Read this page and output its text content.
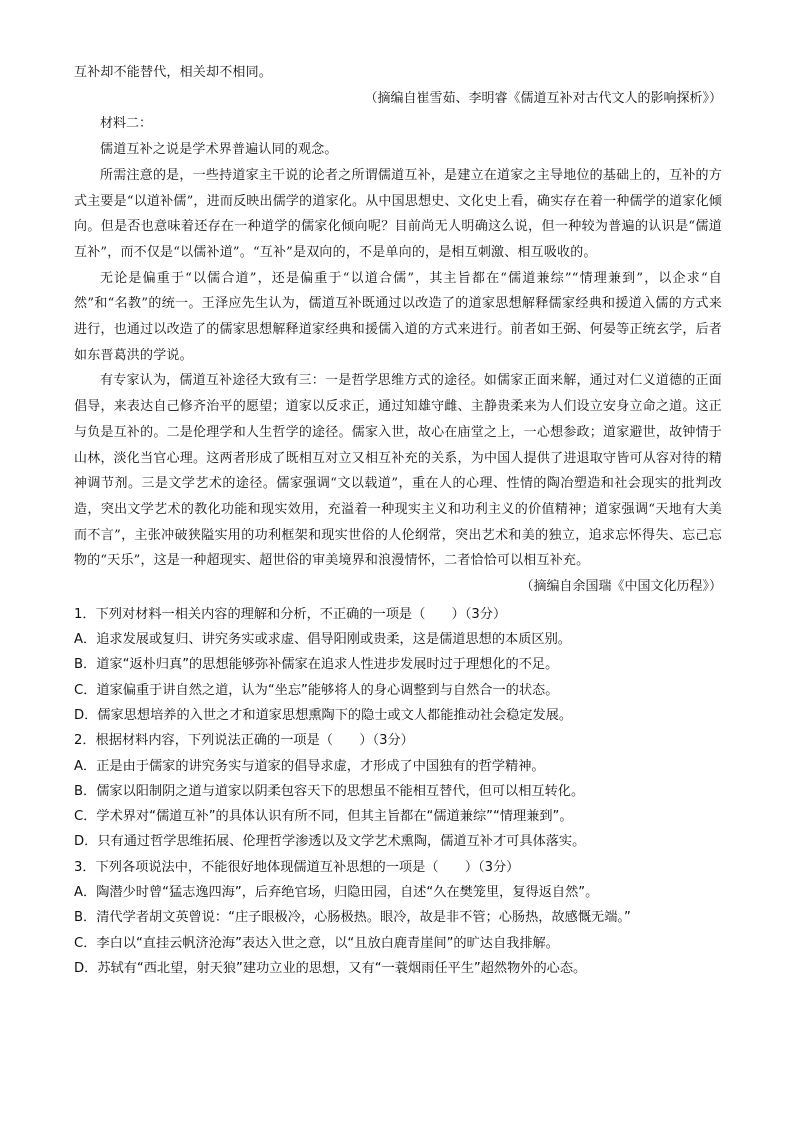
互补却不能替代，相关却不相同。

（摘编自崔雪茹、李明睿《儒道互补对古代文人的影响探析》）

材料二：

儒道互补之说是学术界普遍认同的观念。

所需注意的是，一些持道家主干说的论者之所谓儒道互补，是建立在道家之主导地位的基础上的，互补的方式主要是“以道补儒”，进而反映出儒学的道家化。从中国思想史、文化史上看，确实存在着一种儒学的道家化倾向。但是否也意味着还存在一种道学的儒家化倾向呢？目前尚无人明确这么说，但一种较为普遍的认识是“儒道互补”，而不仅是“以儒补道”。“互补”是双向的，不是单向的，是相互刺激、相互吸收的。

无论是偏重于“以儒合道”，还是偏重于“以道合儒”，其主旨都在“儒道兼综”“情理兼到”，以企求“自然”和“名教”的统一。王泽应先生认为，儒道互补既通过以改造了的道家思想解释儒家经典和援道入儒的方式来进行，也通过以改造了的儒家思想解释道家经典和援儒入道的方式来进行。前者如王弼、何晏等正统玄学，后者如东晋葛洪的学说。

有专家认为，儒道互补途径大致有三：一是哲学思维方式的途径。如儒家正面来解，通过对仁义道德的正面倡导，来表达自己修齐治平的愿望；道家以反求正，通过知雄守雌、主静贵柔来为人们设立安身立命之道。这正与负是互补的。二是伦理学和人生哲学的途径。儒家入世，故心在庙堂之上，一心想参政；道家避世，故钟情于山林，淡化当官心理。这两者形成了既相互对立又相互补充的关系，为中国人提供了进退取守皆可从容对待的精神调节剂。三是文学艺术的途径。儒家强调“文以载道”，重在人的心理、性情的陶冶塑造和社会现实的批判改造，突出文学艺术的教化功能和现实效用，充溢着一种现实主义和功利主义的价值精神；道家强调“天地有大美而不言”，主张冲破狭隘实用的功利框架和现实世俗的人伦纲常，突出艺术和美的独立，追求忘怀得失、忘己忘物的“天乐”，这是一种超现实、超世俗的审美境界和浪漫情怀，二者恰恰可以相互补充。

（摘编自余国瑞《中国文化历程》）

1．下列对材料一相关内容的理解和分析，不正确的一项是（　　）（3分）

A．追求发展或复归、讲究务实或求虚、倡导阳刚或贵柔，这是儒道思想的本质区别。

B．道家“返朴归真”的思想能够弥补儒家在追求人性进步发展时过于理想化的不足。

C．道家偏重于讲自然之道，认为“坐忘”能够将人的身心调整到与自然合一的状态。

D．儒家思想培养的入世之才和道家思想熏陶下的隐士或文人都能推动社会稳定发展。

2．根据材料内容，下列说法正确的一项是（　　）（3分）

A．正是由于儒家的讲究务实与道家的倡导求虚，才形成了中国独有的哲学精神。

B．儒家以阳制阴之道与道家以阴柔包容天下的思想虽不能相互替代，但可以相互转化。

C．学术界对“儒道互补”的具体认识有所不同，但其主旨都在“儒道兼综”“情理兼到”。

D．只有通过哲学思维拓展、伦理哲学渗透以及文学艺术熏陶，儒道互补才可具体落实。

3．下列各项说法中，不能很好地体现儒道互补思想的一项是（　　）（3分）

A．陶潜少时曾“猛志逸四海”，后弃绝官场，归隐田园，自述“久在樊笼里，复得返自然”。

B．清代学者胡文英曾说：“庄子眼极冷，心肠极热。眼冷，故是非不管；心肠热，故感慨无端。”

C．李白以“直挂云帆济沧海”表达入世之意，以“且放白鹿青崖间”的旷达自我排解。

D．苏轼有“西北望，射天狼”建功立业的思想，又有“一蓑烟雨任平生”超然物外的心态。
